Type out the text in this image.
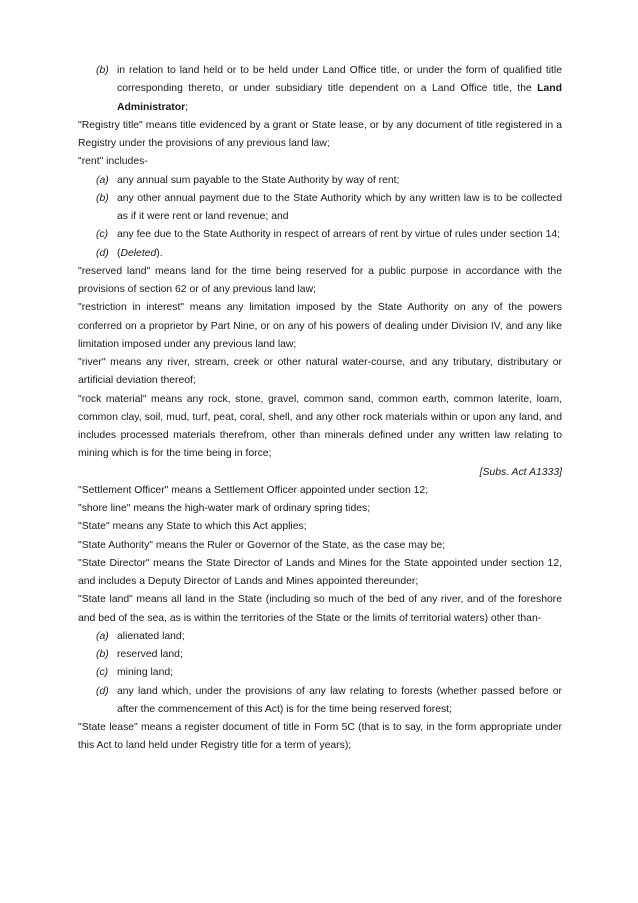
(b) in relation to land held or to be held under Land Office title, or under the form of qualified title corresponding thereto, or under subsidiary title dependent on a Land Office title, the Land Administrator;

"Registry title" means title evidenced by a grant or State lease, or by any document of title registered in a Registry under the provisions of any previous land law;

"rent" includes-

(a) any annual sum payable to the State Authority by way of rent;
(b) any other annual payment due to the State Authority which by any written law is to be collected as if it were rent or land revenue; and
(c) any fee due to the State Authority in respect of arrears of rent by virtue of rules under section 14;
(d) (Deleted).

"reserved land" means land for the time being reserved for a public purpose in accordance with the provisions of section 62 or of any previous land law;

"restriction in interest" means any limitation imposed by the State Authority on any of the powers conferred on a proprietor by Part Nine, or on any of his powers of dealing under Division IV, and any like limitation imposed under any previous land law;

"river" means any river, stream, creek or other natural water-course, and any tributary, distributary or artificial deviation thereof;

"rock material" means any rock, stone, gravel, common sand, common earth, common laterite, loam, common clay, soil, mud, turf, peat, coral, shell, and any other rock materials within or upon any land, and includes processed materials therefrom, other than minerals defined under any written law relating to mining which is for the time being in force;

[Subs. Act A1333]

"Settlement Officer" means a Settlement Officer appointed under section 12;

"shore line" means the high-water mark of ordinary spring tides;

"State" means any State to which this Act applies;

"State Authority" means the Ruler or Governor of the State, as the case may be;

"State Director" means the State Director of Lands and Mines for the State appointed under section 12, and includes a Deputy Director of Lands and Mines appointed thereunder;

"State land" means all land in the State (including so much of the bed of any river, and of the foreshore and bed of the sea, as is within the territories of the State or the limits of territorial waters) other than-

(a) alienated land;
(b) reserved land;
(c) mining land;
(d) any land which, under the provisions of any law relating to forests (whether passed before or after the commencement of this Act) is for the time being reserved forest;

"State lease" means a register document of title in Form 5C (that is to say, in the form appropriate under this Act to land held under Registry title for a term of years);
